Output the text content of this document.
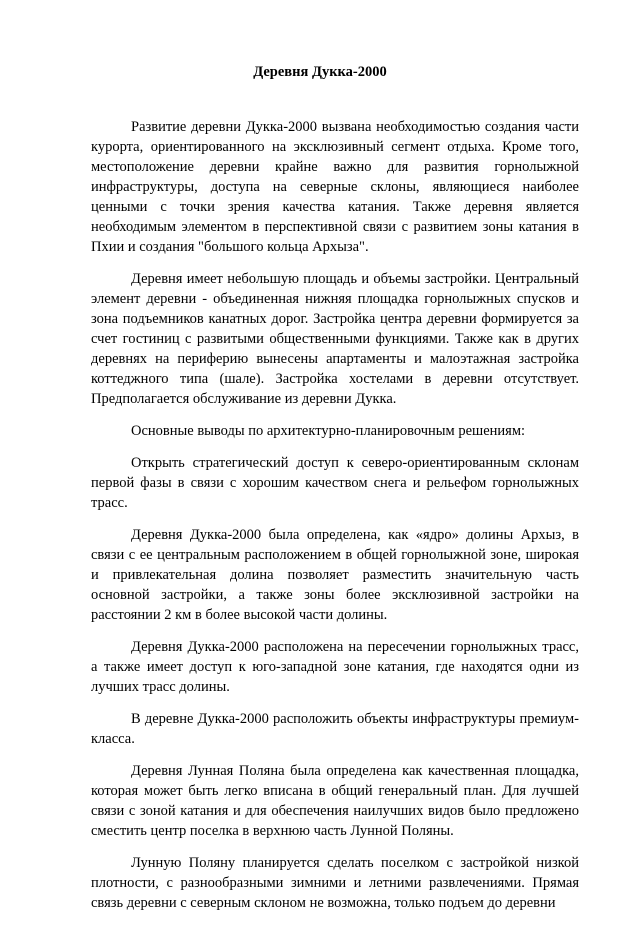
Деревня Дукка-2000

Развитие деревни Дукка-2000 вызвана необходимостью создания части курорта, ориентированного на эксклюзивный сегмент отдыха. Кроме того, местоположение деревни крайне важно для развития горнолыжной инфраструктуры, доступа на северные склоны, являющиеся наиболее ценными с точки зрения качества катания. Также деревня является необходимым элементом в перспективной связи с развитием зоны катания в Пхии и создания "большого кольца Архыза".

Деревня имеет небольшую площадь и объемы застройки. Центральный элемент деревни - объединенная нижняя площадка горнолыжных спусков и зона подъемников канатных дорог. Застройка центра деревни формируется за счет гостиниц с развитыми общественными функциями. Также как в других деревнях на периферию вынесены апартаменты и малоэтажная застройка коттеджного типа (шале). Застройка хостелами в деревни отсутствует. Предполагается обслуживание из деревни Дукка.

Основные выводы по архитектурно-планировочным решениям:

Открыть стратегический доступ к северо-ориентированным склонам первой фазы в связи с хорошим качеством снега и рельефом горнолыжных трасс.

Деревня Дукка-2000 была определена, как «ядро» долины Архыз, в связи с ее центральным расположением в общей горнолыжной зоне, широкая и привлекательная долина позволяет разместить значительную часть основной застройки, а также зоны более эксклюзивной застройки на расстоянии 2 км в более высокой части долины.

Деревня Дукка-2000 расположена на пересечении горнолыжных трасс, а также имеет доступ к юго-западной зоне катания, где находятся одни из лучших трасс долины.

В деревне Дукка-2000 расположить объекты инфраструктуры премиум-класса.

Деревня Лунная Поляна была определена как качественная площадка, которая может быть легко вписана в общий генеральный план. Для лучшей связи с зоной катания и для обеспечения наилучших видов было предложено сместить центр поселка в верхнюю часть Лунной Поляны.

Лунную Поляну планируется сделать поселком с застройкой низкой плотности, с разнообразными зимними и летними развлечениями. Прямая связь деревни с северным склоном не возможна, только подъем до деревни
